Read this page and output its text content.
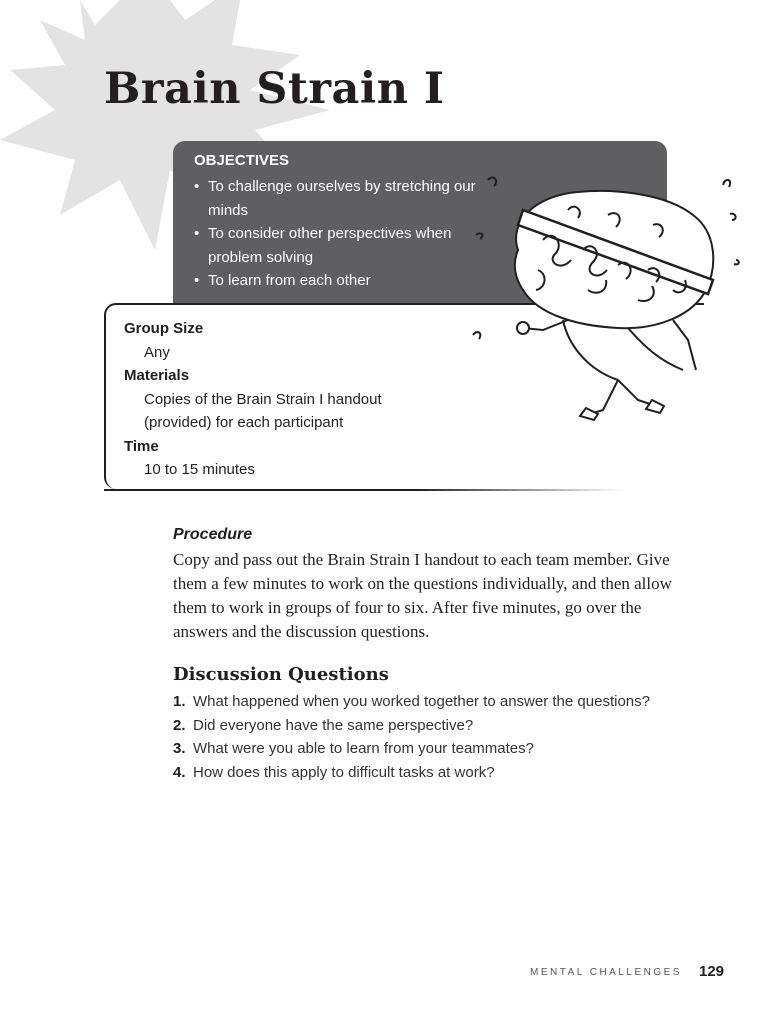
Brain Strain I
OBJECTIVES
• To challenge ourselves by stretching our minds
• To consider other perspectives when problem solving
• To learn from each other
Group Size
Any
Materials
Copies of the Brain Strain I handout (provided) for each participant
Time
10 to 15 minutes
Procedure
Copy and pass out the Brain Strain I handout to each team member. Give them a few minutes to work on the questions individually, and then allow them to work in groups of four to six. After five minutes, go over the answers and the discussion questions.
Discussion Questions
1. What happened when you worked together to answer the questions?
2. Did everyone have the same perspective?
3. What were you able to learn from your teammates?
4. How does this apply to difficult tasks at work?
MENTAL CHALLENGES 129
